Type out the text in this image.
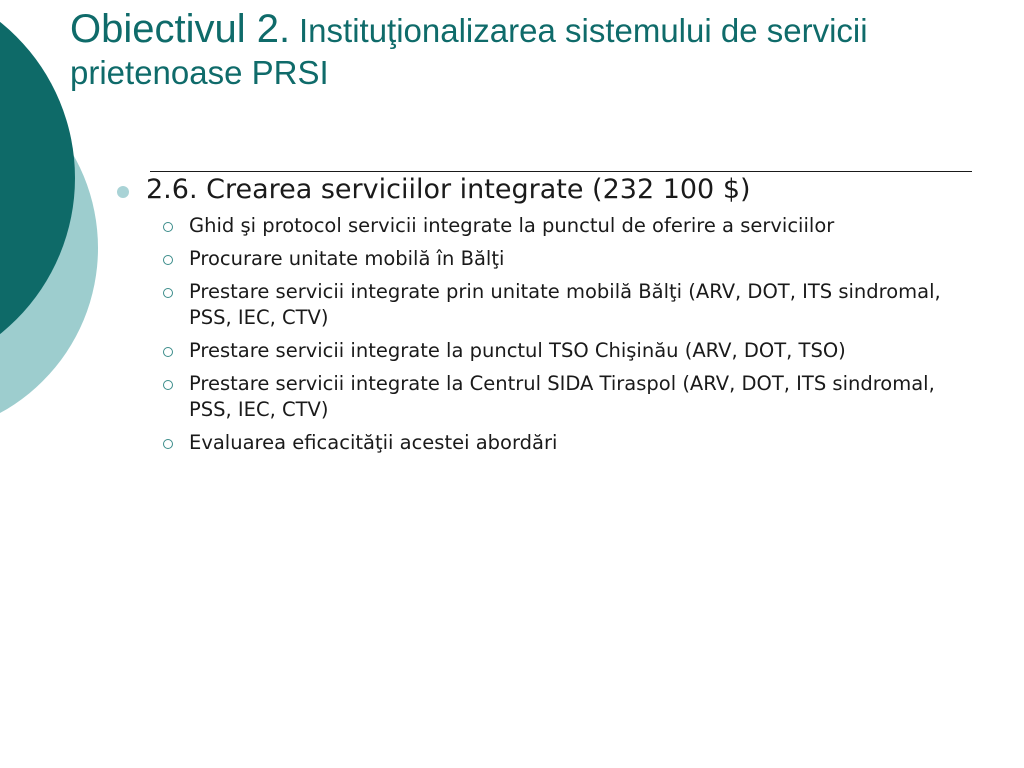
Obiectivul 2. Instituţionalizarea sistemului de servicii prietenoase PRSI
2.6. Crearea serviciilor integrate (232 100 $)
Ghid şi protocol servicii integrate la punctul de oferire a serviciilor
Procurare unitate mobilă în Bălţi
Prestare servicii integrate prin unitate mobilă Bălţi (ARV, DOT, ITS sindromal, PSS, IEC, CTV)
Prestare servicii integrate la punctul TSO Chişinău (ARV, DOT, TSO)
Prestare servicii integrate la Centrul SIDA Tiraspol (ARV, DOT, ITS sindromal, PSS, IEC, CTV)
Evaluarea eficacităţii acestei abordări
